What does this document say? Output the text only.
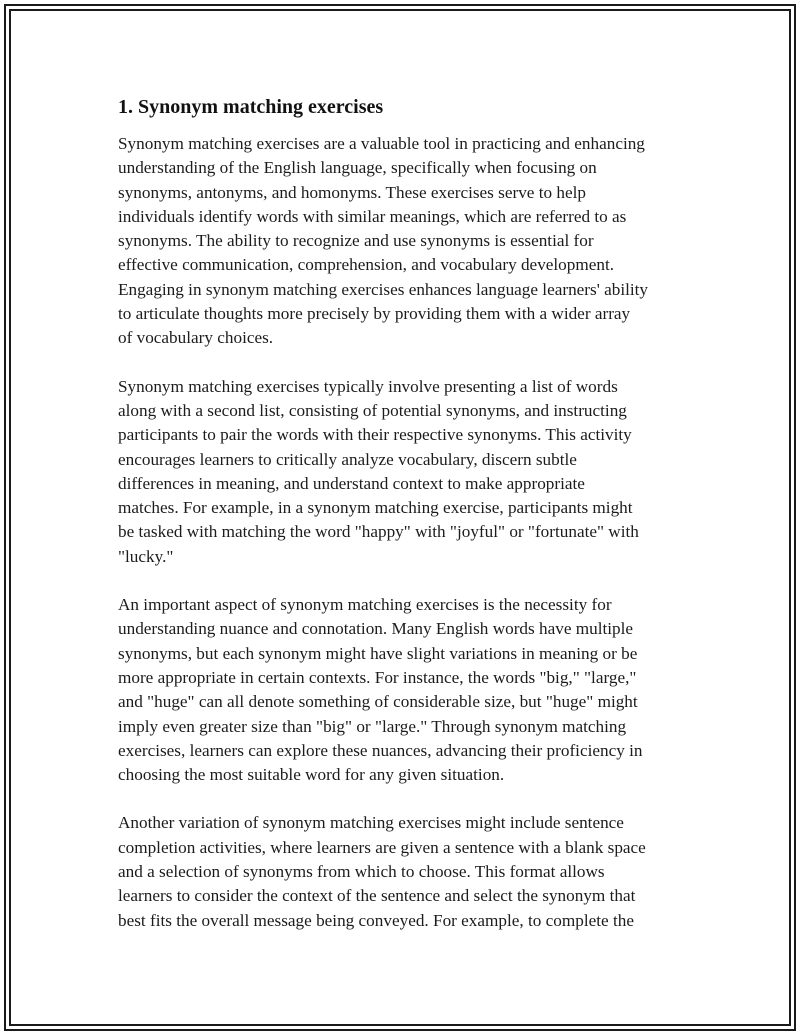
1. Synonym matching exercises

Synonym matching exercises are a valuable tool in practicing and enhancing
understanding of the English language, specifically when focusing on
synonyms, antonyms, and homonyms. These exercises serve to help
individuals identify words with similar meanings, which are referred to as
synonyms. The ability to recognize and use synonyms is essential for
effective communication, comprehension, and vocabulary development.
Engaging in synonym matching exercises enhances language learners' ability
to articulate thoughts more precisely by providing them with a wider array
of vocabulary choices.

Synonym matching exercises typically involve presenting a list of words
along with a second list, consisting of potential synonyms, and instructing
participants to pair the words with their respective synonyms. This activity
encourages learners to critically analyze vocabulary, discern subtle
differences in meaning, and understand context to make appropriate
matches. For example, in a synonym matching exercise, participants might
be tasked with matching the word "happy" with "joyful" or "fortunate" with
"lucky."

An important aspect of synonym matching exercises is the necessity for
understanding nuance and connotation. Many English words have multiple
synonyms, but each synonym might have slight variations in meaning or be
more appropriate in certain contexts. For instance, the words "big," "large,"
and "huge" can all denote something of considerable size, but "huge" might
imply even greater size than "big" or "large." Through synonym matching
exercises, learners can explore these nuances, advancing their proficiency in
choosing the most suitable word for any given situation.

Another variation of synonym matching exercises might include sentence
completion activities, where learners are given a sentence with a blank space
and a selection of synonyms from which to choose. This format allows
learners to consider the context of the sentence and select the synonym that
best fits the overall message being conveyed. For example, to complete the
